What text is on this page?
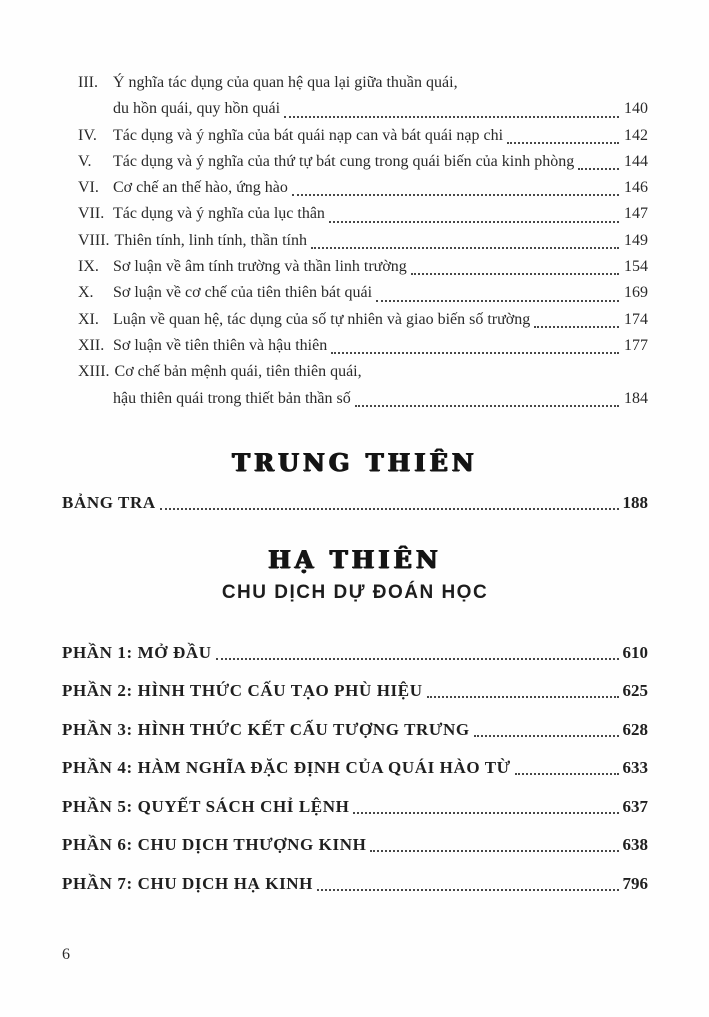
III. Ý nghĩa tác dụng của quan hệ qua lại giữa thuần quái,
du hồn quái, quy hồn quái	140
IV.	Tác dụng và ý nghĩa của bát quái nạp can và bát quái nạp chi	142
V.	Tác dụng và ý nghĩa của thứ tự bát cung trong quái biến của kinh phòng	144
VI. Cơ chế an thế hào, ứng hào	146
VII. Tác dụng và ý nghĩa của lục thân	147
VIII. Thiên tính, linh tính, thần tính	149
IX. Sơ luận về âm tính trường và thần linh trường	154
X.	Sơ luận về cơ chế của tiên thiên bát quái	169
XI. Luận về quan hệ, tác dụng của số tự nhiên và giao biến số trường	174
XII. Sơ luận về tiên thiên và hậu thiên	177
XIII. Cơ chế bản mệnh quái, tiên thiên quái,
hậu thiên quái trong thiết bản thần số	184
TRUNG THIÊN
BẢNG TRA	188
HẠ THIÊN
CHU DỊCH DỰ ĐOÁN HỌC
PHẦN 1: MỞ ĐẦU	610
PHẦN 2: HÌNH THỨC CẤU TẠO PHÙ HIỆU	625
PHẦN 3: HÌNH THỨC KẾT CẤU TƯỢNG TRƯNG	628
PHẦN 4: HÀM NGHĨA ĐẶC ĐỊNH CỦA QUÁI HÀO TỪ	633
PHẦN 5: QUYẾT SÁCH CHỈ LỆNH	637
PHẦN 6: CHU DỊCH THƯỢNG KINH	638
PHẦN 7: CHU DỊCH HẠ KINH	796
6
